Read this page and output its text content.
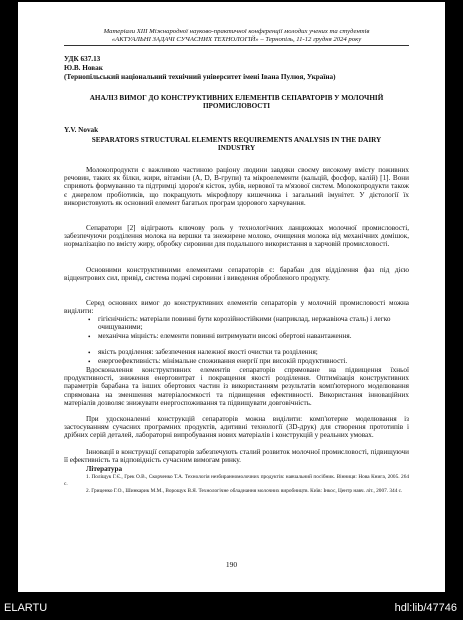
Матеріали XIII Міжнародної науково-практичної конференції молодих учених та студентів
«АКТУАЛЬНІ ЗАДАЧІ СУЧАСНИХ ТЕХНОЛОГІЙ» – Тернопіль, 11-12 грудня 2024 року
УДК 637.13
Ю.В. Новак
(Тернопільський національний технічний університет імені Івана Пулюя, Україна)
АНАЛІЗ ВИМОГ ДО КОНСТРУКТИВНИХ ЕЛЕМЕНТІВ СЕПАРАТОРІВ У МОЛОЧНІЙ ПРОМИСЛОВОСТІ
Y.V. Novak
SEPARATORS STRUCTURAL ELEMENTS REQUIREMENTS ANALYSIS IN THE DAIRY INDUSTRY
Молокопродукти є важливою частиною раціону людини завдяки своєму високому вмісту поживних речовин, таких як білки, жири, вітаміни (A, D, B-групи) та мікроелементи (кальцій, фосфор, калій) [1]. Вони сприяють формуванню та підтримці здоров'я кісток, зубів, нервової та м'язової систем. Молокопродукти також є джерелом пробіотиків, що покращують мікрофлору кишечника і загальний імунітет. У дієтології їх використовують як основний елемент багатьох програм здорового харчування.
Сепаратори [2] відіграють ключову роль у технологічних ланцюжках молочної промисловості, забезпечуючи розділення молока на вершки та знежирене молоко, очищення молока від механічних домішок, нормалізацію по вмісту жиру, обробку сировини для подальшого використання в харчовій промисловості.
Основними конструктивними елементами сепараторів є: барабан для відділення фаз під дією відцентрових сил, привід, система подачі сировини і виведення обробленого продукту.
Серед основних вимог до конструктивних елементів сепараторів у молочній промисловості можна виділити:
• гігієнічність: матеріали повинні бути корозійностійкими (наприклад, нержавіюча сталь) і легко очищуваними;
• механічна міцність: елементи повинні витримувати високі обертові навантаження.
• якість розділення: забезпечення належної якості очистки та розділення;
• енергоефективність: мінімальне споживання енергії при високій продуктивності.
Вдосконалення конструктивних елементів сепараторів спрямоване на підвищення їхньої продуктивності, зниження енерговитрат і покращення якості розділення. Оптимізація конструктивних параметрів барабана та інших обертових частин із використанням результатів комп'ютерного моделювання спрямована на зменшення матеріалоємкості та підвищення ефективності. Використання інноваційних матеріалів дозволяє знижувати енергоспоживання та підвищувати довговічність.
При удосконаленні конструкцій сепараторів можна виділити: комп'ютерне моделювання із застосуванням сучасних програмних продуктів, адитивні технології (3D-друк) для створення прототипів і дрібних серій деталей, лабораторні випробування нових матеріалів і конструкцій у реальних умовах.
Інновації в конструкції сепараторів забезпечують сталий розвиток молочної промисловості, підвищуючи її ефективність та відповідність сучасним вимогам ринку.
Література
1. Поліщук Г.Є., Грек О.В., Скорченко Т.А. Технологія незбиранномолочних продуктів: навчальний посібник. Вінниця: Нова Книга, 2005. 264 с.
2. Гриценко Г.О., Шинкарик М.М., Ворощук В.Я. Технологічне обладнання молочних виробництв. Київ: Інкос, Центр навч. літ., 2007. 344 с.
190
ELARTU	hdl:lib/47746
